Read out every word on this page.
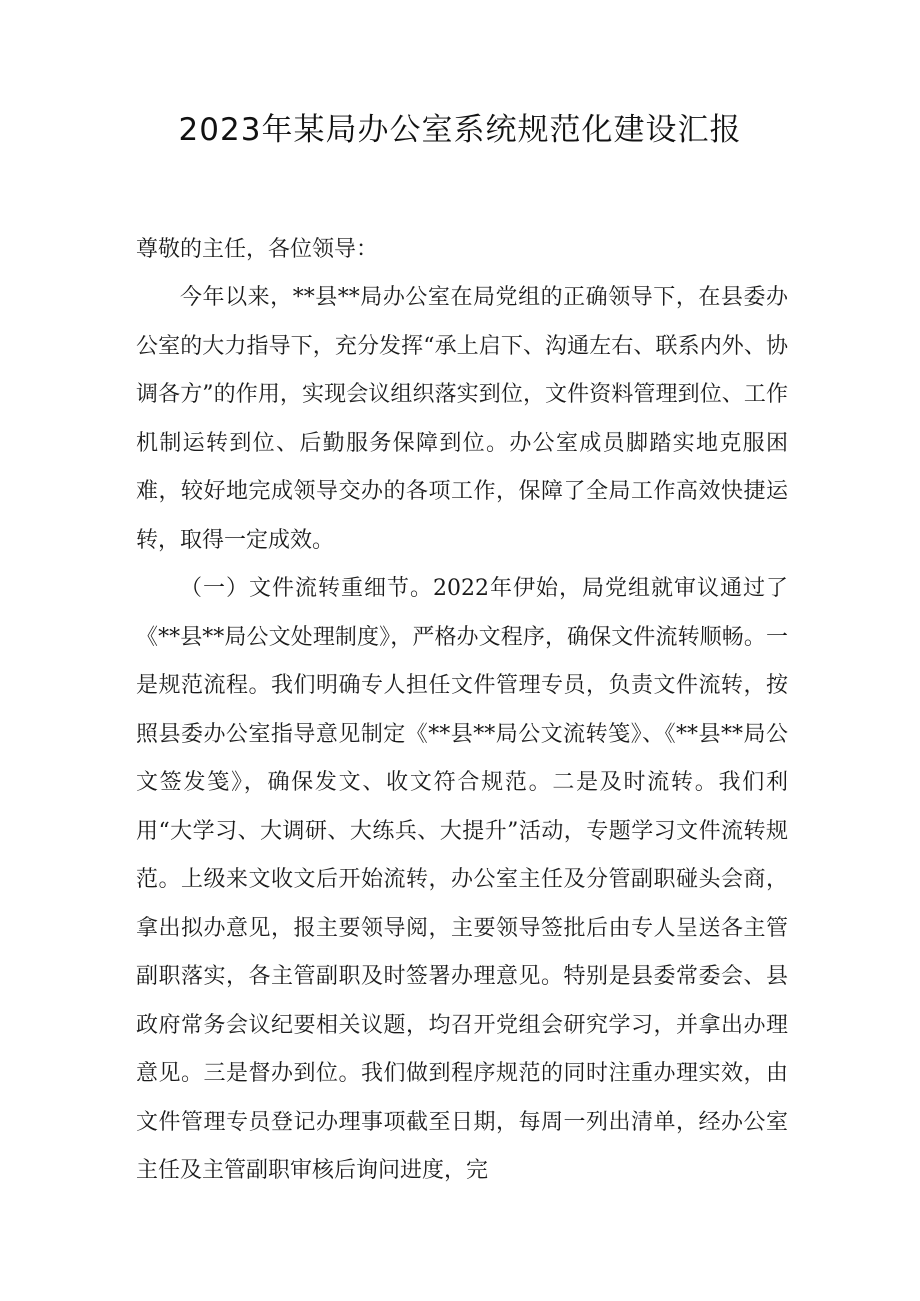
2023年某局办公室系统规范化建设汇报
尊敬的主任，各位领导：
今年以来，**县**局办公室在局党组的正确领导下，在县委办公室的大力指导下，充分发挥“承上启下、沟通左右、联系内外、协调各方”的作用，实现会议组织落实到位，文件资料管理到位、工作机制运转到位、后勤服务保障到位。办公室成员脚踏实地克服困难，较好地完成领导交办的各项工作，保障了全局工作高效快捷运转，取得一定成效。
（一）文件流转重细节。2022年伊始，局党组就审议通过了《**县**局公文处理制度》，严格办文程序，确保文件流转顺畅。一是规范流程。我们明确专人担任文件管理专员，负责文件流转，按照县委办公室指导意见制定《**县**局公文流转笺》、《**县**局公文签发笺》，确保发文、收文符合规范。二是及时流转。我们利用“大学习、大调研、大练兵、大提升”活动，专题学习文件流转规范。上级来文收文后开始流转，办公室主任及分管副职碰头会商，拿出拟办意见，报主要领导阅，主要领导签批后由专人呈送各主管副职落实，各主管副职及时签署办理意见。特别是县委常委会、县政府常务会议纪要相关议题，均召开党组会研究学习，并拿出办理意见。三是督办到位。我们做到程序规范的同时注重办理实效，由文件管理专员登记办理事项截至日期，每周一列出清单，经办公室主任及主管副职审核后询问进度，完
